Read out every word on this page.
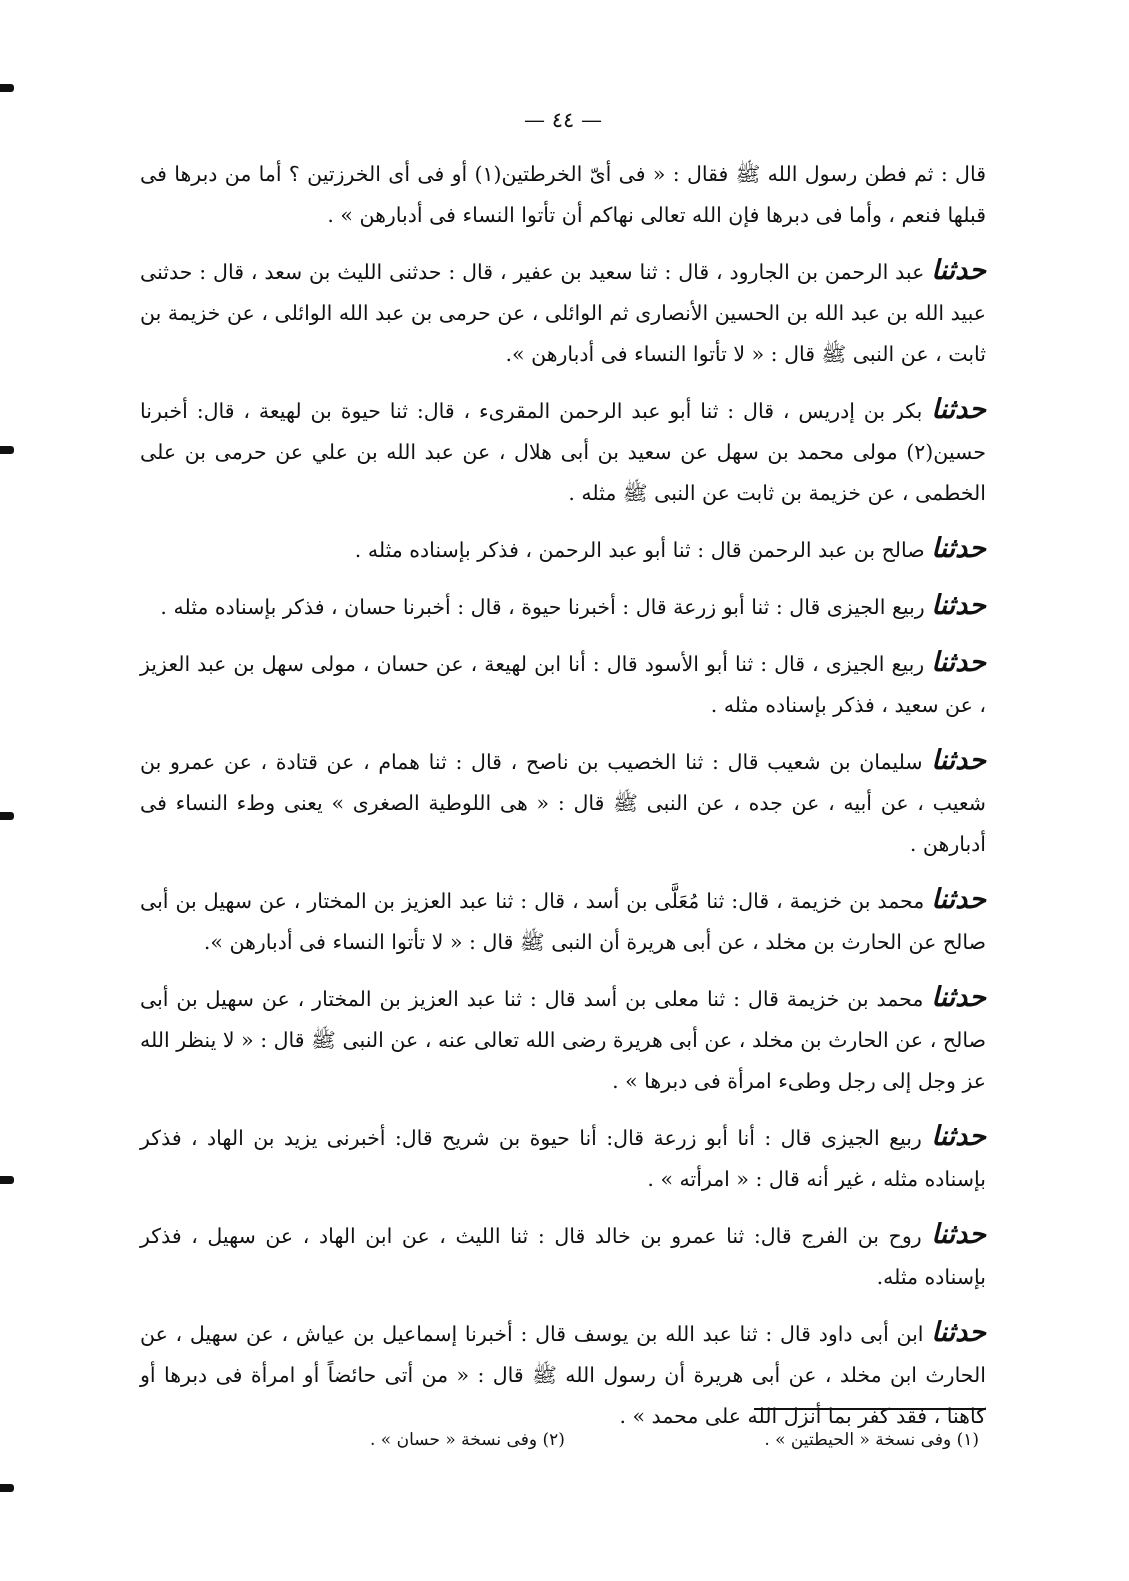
— ٤٤ —

قال : ثم فطن رسول الله ﷺ فقال : « فى أىّ الخرطتين(١) أو فى أى الخرزتين ؟ أما من دبرها فى قبلها فنعم ، وأما فى دبرها فإن الله تعالى نهاكم أن تأتوا النساء فى أدبارهن » .

حدثنا عبد الرحمن بن الجارود ، قال : ثنا سعيد بن عفير ، قال : حدثنى الليث بن سعد ، قال : حدثنى عبيد الله بن عبد الله بن الحسين الأنصارى ثم الوائلى ، عن حرمى بن عبد الله الوائلى ، عن خزيمة بن ثابت ، عن النبى ﷺ قال : « لا تأتوا النساء فى أدبارهن ».

حدثنا بكر بن إدريس ، قال : ثنا أبو عبد الرحمن المقرىء ، قال: ثنا حيوة بن لهيعة ، قال: أخبرنا حسين(٢) مولى محمد بن سهل عن سعيد بن أبى هلال ، عن عبد الله بن علي عن حرمى بن على الخطمى ، عن خزيمة بن ثابت عن النبى ﷺ مثله .

حدثنا صالح بن عبد الرحمن قال : ثنا أبو عبد الرحمن ، فذكر بإسناده مثله .

حدثنا ربيع الجيزى قال : ثنا أبو زرعة قال : أخبرنا حيوة ، قال : أخبرنا حسان ، فذكر بإسناده مثله .

حدثنا ربيع الجيزى ، قال : ثنا أبو الأسود قال : أنا ابن لهيعة ، عن حسان ، مولى سهل بن عبد العزيز ، عن سعيد ، فذكر بإسناده مثله .

حدثنا سليمان بن شعيب قال : ثنا الخصيب بن ناصح ، قال : ثنا همام ، عن قتادة ، عن عمرو بن شعيب ، عن أبيه ، عن جده ، عن النبى ﷺ قال : « هى اللوطية الصغرى » يعنى وطء النساء فى أدبارهن .

حدثنا محمد بن خزيمة ، قال: ثنا مُعَلَّى بن أسد ، قال : ثنا عبد العزيز بن المختار ، عن سهيل بن أبى صالح عن الحارث بن مخلد ، عن أبى هريرة أن النبى ﷺ قال : « لا تأتوا النساء فى أدبارهن ».

حدثنا محمد بن خزيمة قال : ثنا معلى بن أسد قال : ثنا عبد العزيز بن المختار ، عن سهيل بن أبى صالح ، عن الحارث بن مخلد ، عن أبى هريرة رضى الله تعالى عنه ، عن النبى ﷺ قال : « لا ينظر الله عز وجل إلى رجل وطىء امرأة فى دبرها » .

حدثنا ربيع الجيزى قال : أنا أبو زرعة قال: أنا حيوة بن شريح قال: أخبرنى يزيد بن الهاد ، فذكر بإسناده مثله ، غير أنه قال : « امرأته » .

حدثنا روح بن الفرج قال: ثنا عمرو بن خالد قال : ثنا الليث ، عن ابن الهاد ، عن سهيل ، فذكر بإسناده مثله.

حدثنا ابن أبى داود قال : ثنا عبد الله بن يوسف قال : أخبرنا إسماعيل بن عياش ، عن سهيل ، عن الحارث ابن مخلد ، عن أبى هريرة أن رسول الله ﷺ قال : « من أتى حائضاً أو امرأة فى دبرها أو كاهنا ، فقد كفر بما أنزل الله على محمد » .

(١) وفى نسخة « الحيطتين » .
(٢) وفى نسخة « حسان » .
